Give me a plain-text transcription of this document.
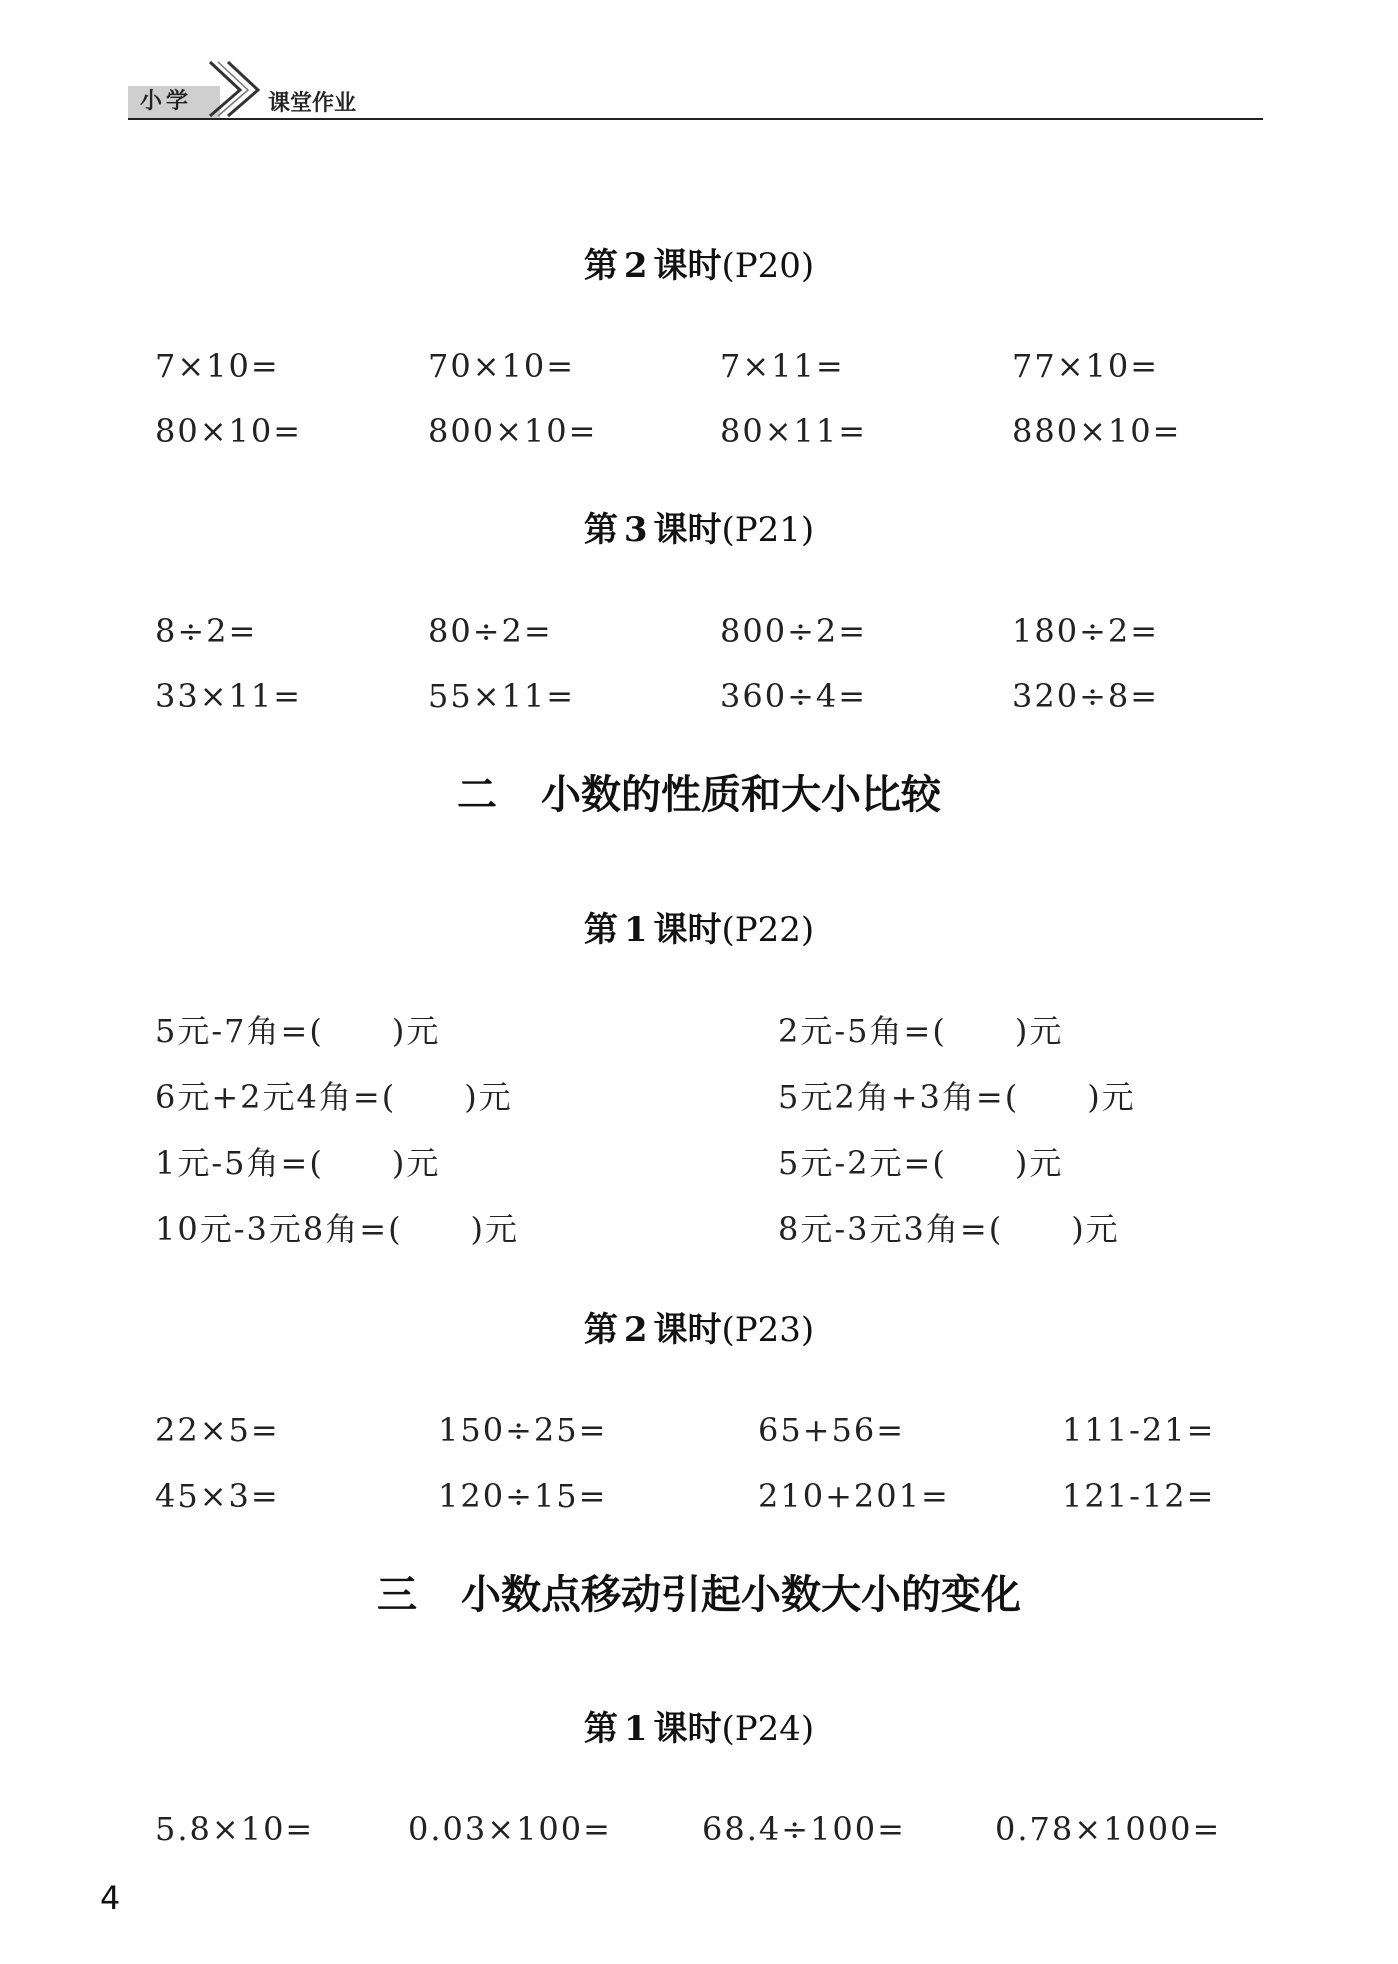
小学	课堂作业
第 2 课时(P20)
7×10=	70×10=	7×11=	77×10=
80×10=	800×10=	80×11=	880×10=
第 3 课时(P21)
8÷2=	80÷2=	800÷2=	180÷2=
33×11=	55×11=	360÷4=	320÷8=
二 小数的性质和大小比较
第 1 课时(P22)
5元-7角=(　　)元	2元-5角=(　　)元
6元+2元4角=(　　)元	5元2角+3角=(　　)元
1元-5角=(　　)元	5元-2元=(　　)元
10元-3元8角=(　　)元	8元-3元3角=(　　)元
第 2 课时(P23)
22×5=	150÷25=	65+56=	111-21=
45×3=	120÷15=	210+201=	121-12=
三 小数点移动引起小数大小的变化
第 1 课时(P24)
5.8×10=	0.03×100=	68.4÷100=	0.78×1000=
4
